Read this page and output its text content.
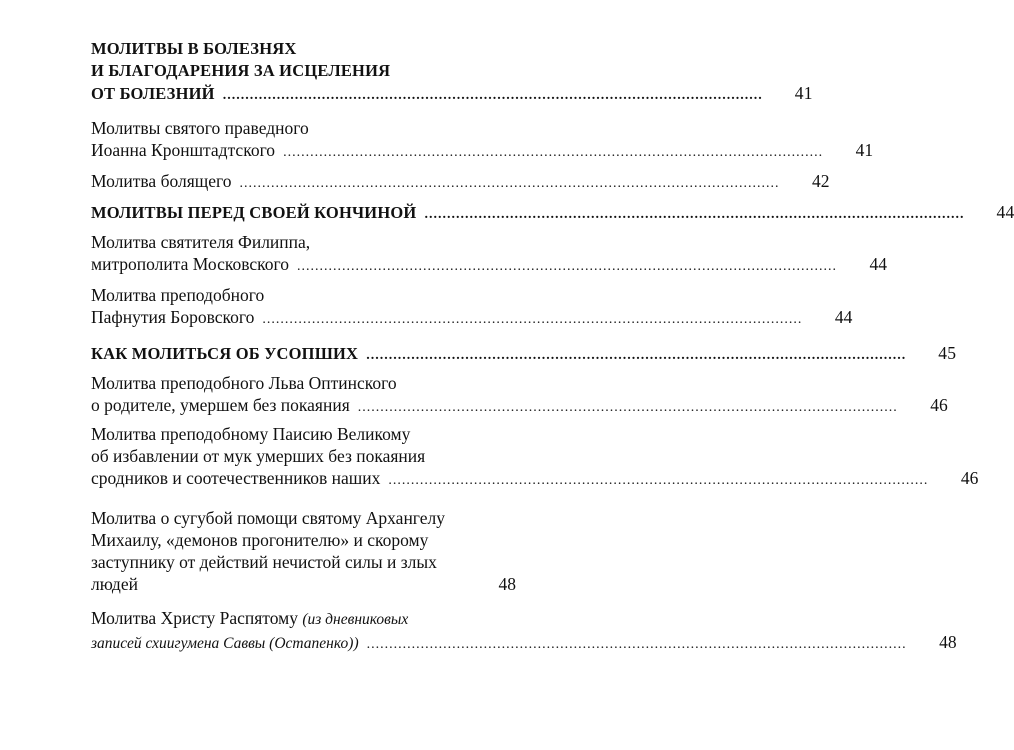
МОЛИТВЫ В БОЛЕЗНЯХ
И БЛАГОДАРЕНИЯ ЗА ИСЦЕЛЕНИЯ
ОТ БОЛЕЗНИЙ ........................................................................................................................	41
Молитвы святого праведного
Иоанна Кронштадтского ........................................................................................................................	41
Молитва болящего ........................................................................................................................	42
МОЛИТВЫ ПЕРЕД СВОЕЙ КОНЧИНОЙ ........................................................................................................................	44
Молитва святителя Филиппа,
митрополита Московского ........................................................................................................................	44
Молитва преподобного
Пафнутия Боровского ........................................................................................................................	44
КАК МОЛИТЬСЯ ОБ УСОПШИХ ........................................................................................................................	45
Молитва преподобного Льва Оптинского
о родителе, умершем без покаяния ........................................................................................................................	46
Молитва преподобному Паисию Великому
об избавлении от мук умерших без покаяния
сродников и соотечественников наших ........................................................................................................................	46
Молитва о сугубой помощи святому Архангелу
Михаилу, «демонов прогонителю» и скорому
заступнику от действий нечистой силы и злых
людей	48
Молитва Христу Распятому (из дневниковых
записей схиигумена Саввы (Остапенко)) ........................................................................................................................	48
